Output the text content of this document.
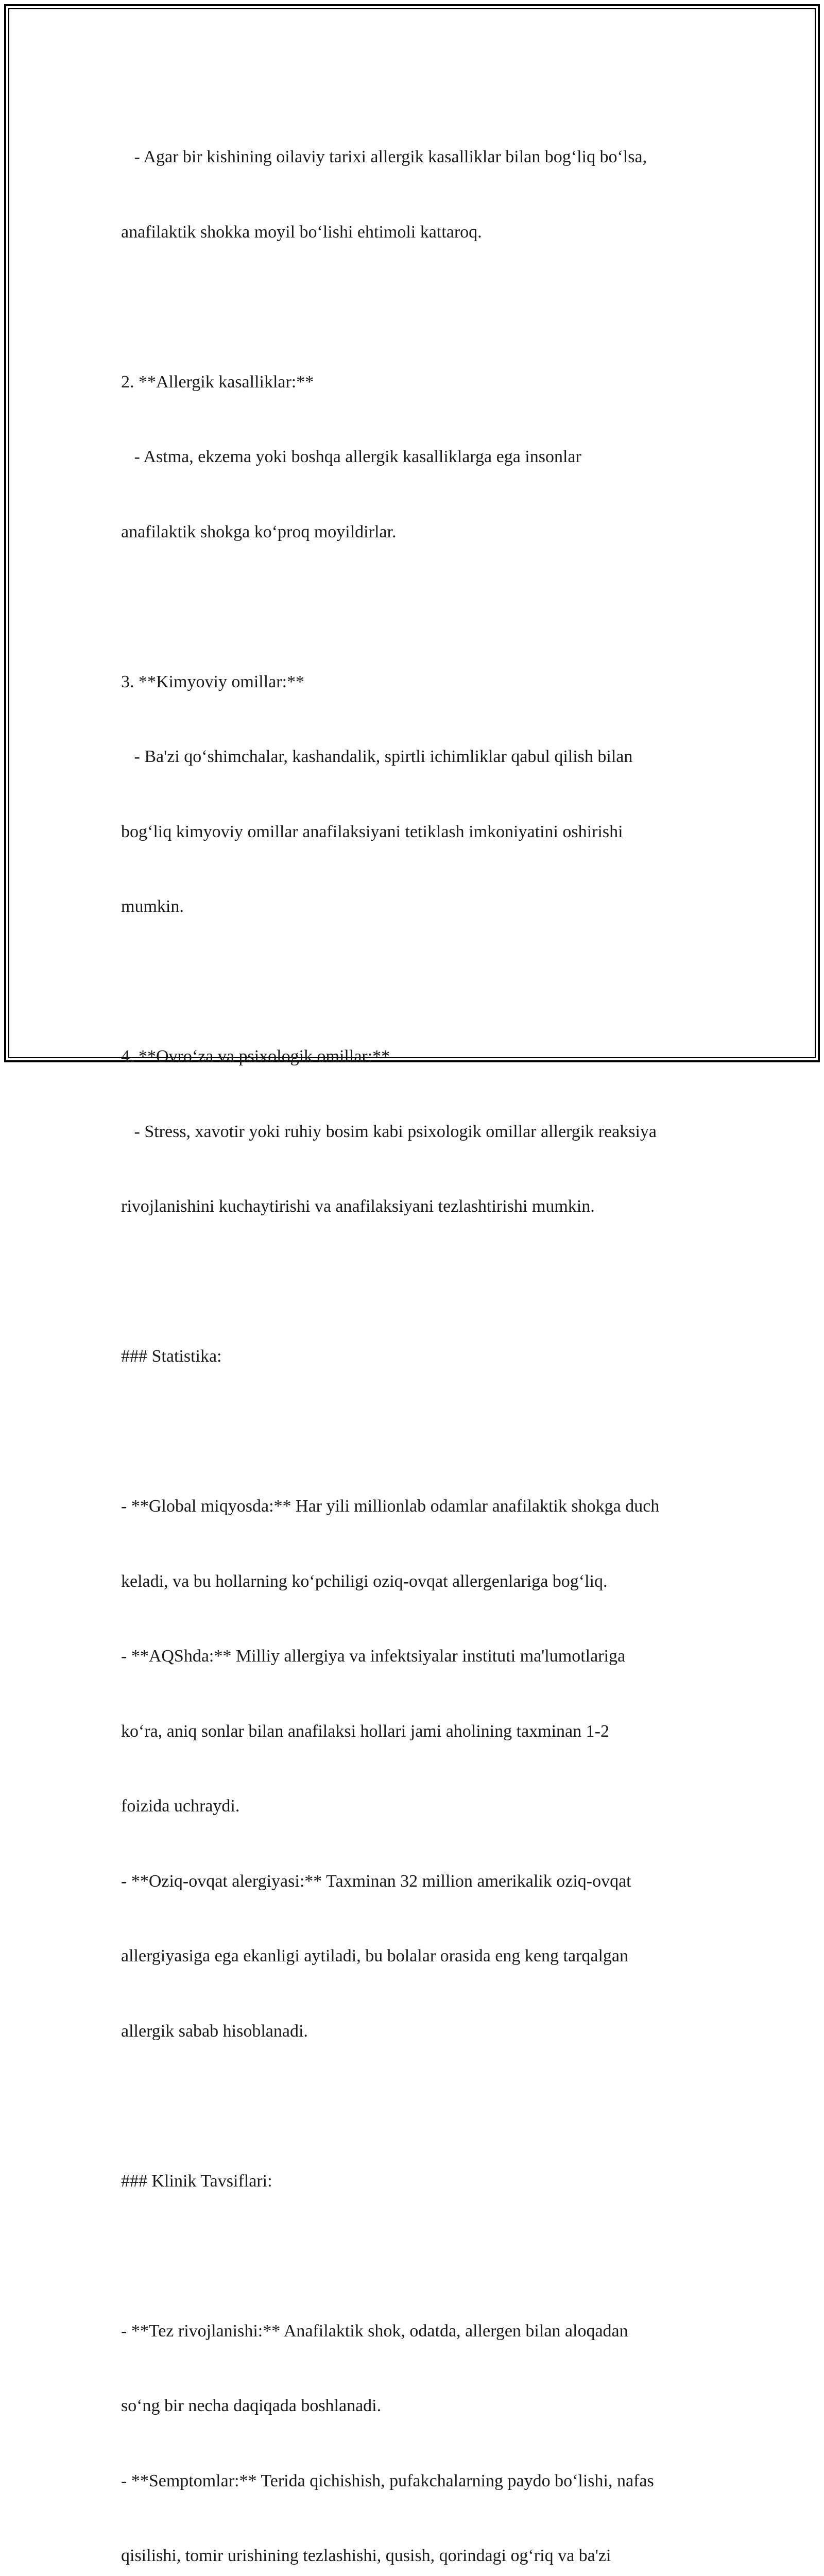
- Agar bir kishining oilaviy tarixi allergik kasalliklar bilan bog‘liq bo‘lsa,

anafilaktik shokka moyil bo‘lishi ehtimoli kattaroq.

2. **Allergik kasalliklar:**

- Astma, ekzema yoki boshqa allergik kasalliklarga ega insonlar

anafilaktik shokga ko‘proq moyildirlar.

3. **Kimyoviy omillar:**

- Ba'zi qo‘shimchalar, kashandalik, spirtli ichimliklar qabul qilish bilan

bog‘liq kimyoviy omillar anafilaksiyani tetiklash imkoniyatini oshirishi

mumkin.

4. **Ovro‘za va psixologik omillar:**

- Stress, xavotir yoki ruhiy bosim kabi psixologik omillar allergik reaksiya

rivojlanishini kuchaytirishi va anafilaksiyani tezlashtirishi mumkin.

### Statistika:

- **Global miqyosda:** Har yili millionlab odamlar anafilaktik shokga duch

keladi, va bu hollarning ko‘pchiligi oziq-ovqat allergenlariga bog‘liq.

- **AQShda:** Milliy allergiya va infektsiyalar instituti ma'lumotlariga

ko‘ra, aniq sonlar bilan anafilaksi hollari jami aholining taxminan 1-2

foizida uchraydi.

- **Oziq-ovqat alergiyasi:** Taxminan 32 million amerikalik oziq-ovqat

allergiyasiga ega ekanligi aytiladi, bu bolalar orasida eng keng tarqalgan

allergik sabab hisoblanadi.

### Klinik Tavsiflari:

- **Tez rivojlanishi:** Anafilaktik shok, odatda, allergen bilan aloqadan

so‘ng bir necha daqiqada boshlanadi.

- **Semptomlar:** Terida qichishish, pufakchalarning paydo bo‘lishi, nafas

qisilishi, tomir urishining tezlashishi, qusish, qorindagi og‘riq va ba'zi
